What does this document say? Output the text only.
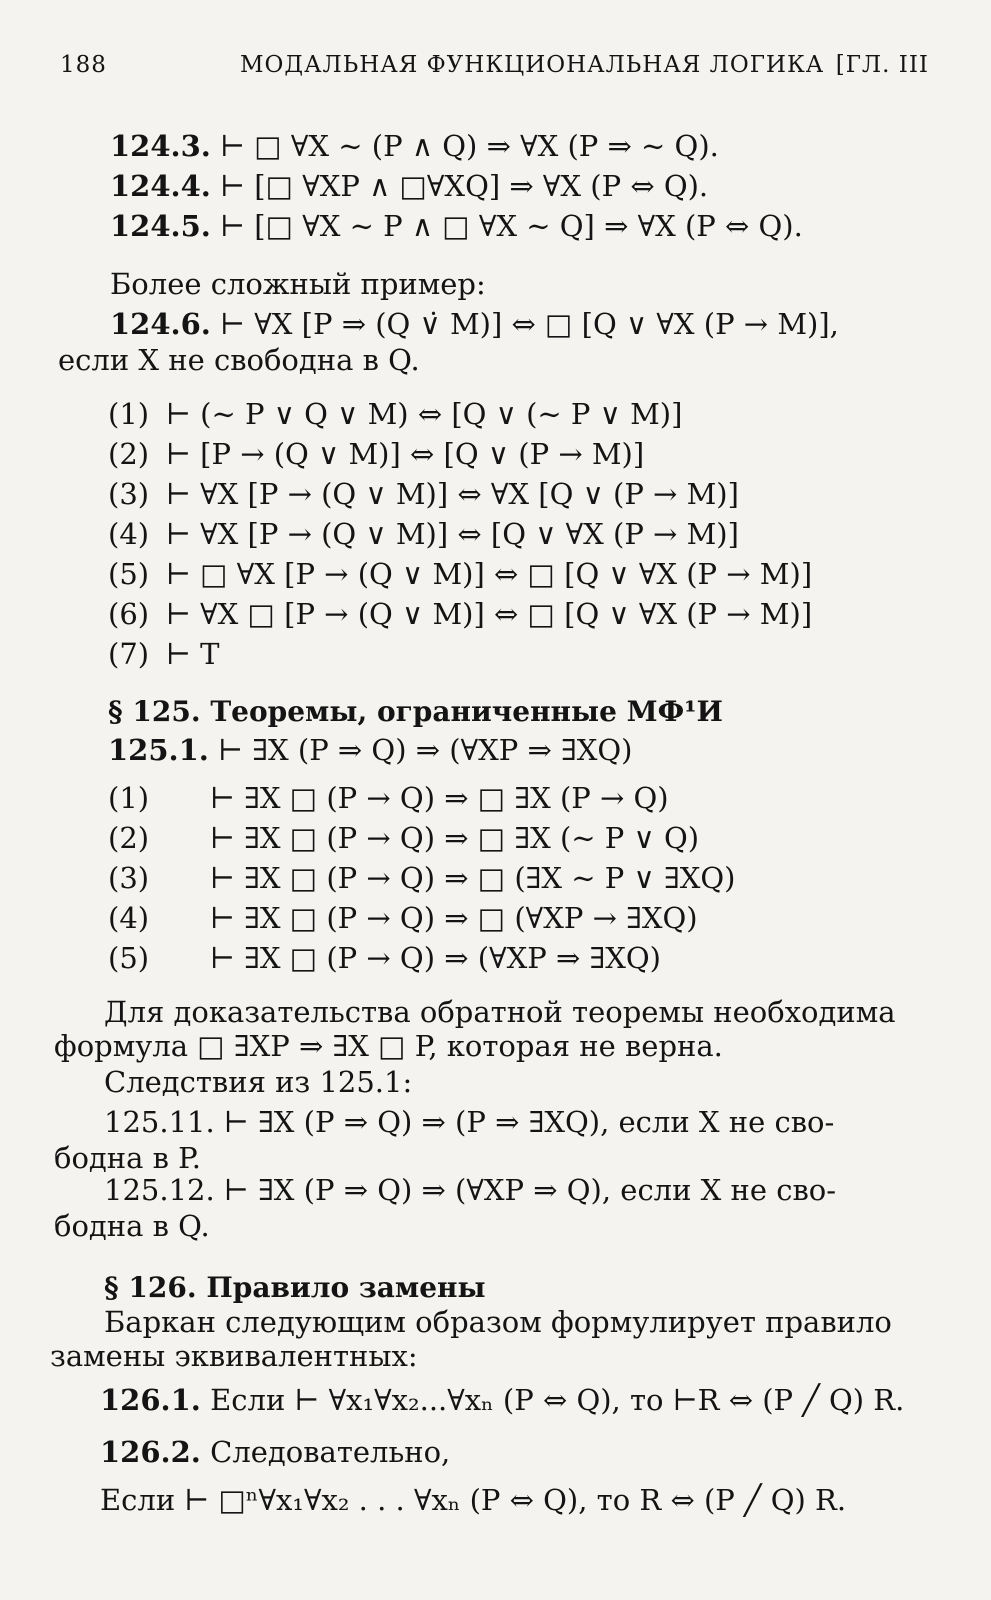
188	МОДАЛЬНАЯ ФУНКЦИОНАЛЬНАЯ ЛОГИКА [ГЛ. III
124.3. ⊢ □ ∀X ∼ (P ∧ Q) ⇒ ∀X (P ⇒ ∼ Q).
124.4. ⊢ [□ ∀XP ∧ □∀XQ] ⇒ ∀X (P ⇔ Q).
124.5. ⊢ [□ ∀X ∼ P ∧ □ ∀X ∼ Q] ⇒ ∀X (P ⇔ Q).
Более сложный пример:
124.6. ⊢ ∀X [P ⇒ (Q ∨̇ M)] ⇔ □ [Q ∨ ∀X (P → M)],
если X не свободна в Q.
(1) ⊢ (∼ P ∨ Q ∨ M) ⇔ [Q ∨ (∼ P ∨ M)]
(2) ⊢ [P → (Q ∨ M)] ⇔ [Q ∨ (P → M)]
(3) ⊢ ∀X [P → (Q ∨ M)] ⇔ ∀X [Q ∨ (P → M)]
(4) ⊢ ∀X [P → (Q ∨ M)] ⇔ [Q ∨ ∀X (P → M)]
(5) ⊢ □ ∀X [P → (Q ∨ M)] ⇔ □ [Q ∨ ∀X (P → M)]
(6) ⊢ ∀X □ [P → (Q ∨ M)] ⇔ □ [Q ∨ ∀X (P → M)]
(7) ⊢ T
§ 125. Теоремы, ограниченные МФ¹И
125.1. ⊢ ∃X (P ⇒ Q) ⇒ (∀XP ⇒ ∃XQ)
(1) ⊢ ∃X □ (P → Q) ⇒ □ ∃X (P → Q)
(2) ⊢ ∃X □ (P → Q) ⇒ □ ∃X (∼ P ∨ Q)
(3) ⊢ ∃X □ (P → Q) ⇒ □ (∃X ∼ P ∨ ∃XQ)
(4) ⊢ ∃X □ (P → Q) ⇒ □ (∀XP → ∃XQ)
(5) ⊢ ∃X □ (P → Q) ⇒ (∀XP ⇒ ∃XQ)
Для доказательства обратной теоремы необходима
формула □ ∃XP ⇒ ∃X □ P, которая не верна.
Следствия из 125.1:
125.11. ⊢ ∃X (P ⇒ Q) ⇒ (P ⇒ ∃XQ), если X не сво-
бодна в P.
125.12. ⊢ ∃X (P ⇒ Q) ⇒ (∀XP ⇒ Q), если X не сво-
бодна в Q.
§ 126. Правило замены
Баркан следующим образом формулирует правило
замены эквивалентных:
126.1. Если ⊢ ∀x₁∀x₂...∀xₙ (P ⇔ Q), то ⊢R ⇔ (P ╱ Q) R.
126.2. Следовательно,
Если ⊢ □ⁿ∀x₁∀x₂ . . . ∀xₙ (P ⇔ Q), то R ⇔ (P ╱ Q) R.
